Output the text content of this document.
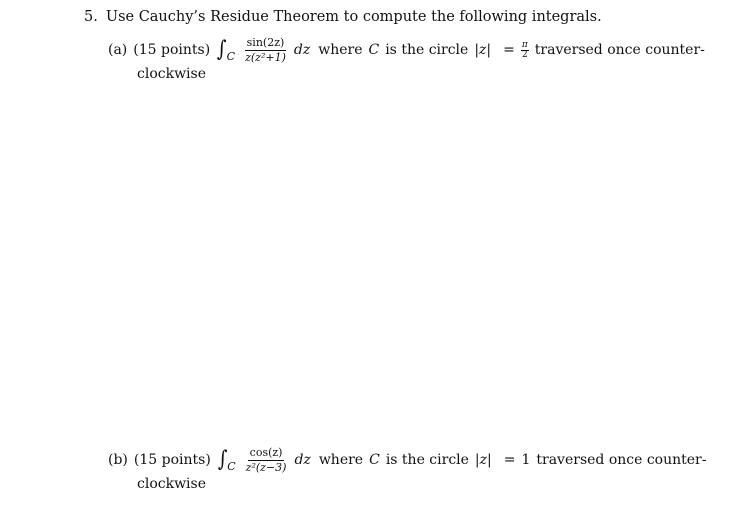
5. Use Cauchy’s Residue Theorem to compute the following integrals.
(a) (15 points) ∫ C $\frac{\sin(2z)}{\text{z(z²+1)}}$ dz where C is the circle $|z| = \frac{\pi}{2}$ traversed once counter-
clockwise
(b) (15 points) ∫ C $\frac{\cos(z)}{\text{z²(z−3)}}$ dz where C is the circle |z| = 1 traversed once counter-
clockwise
